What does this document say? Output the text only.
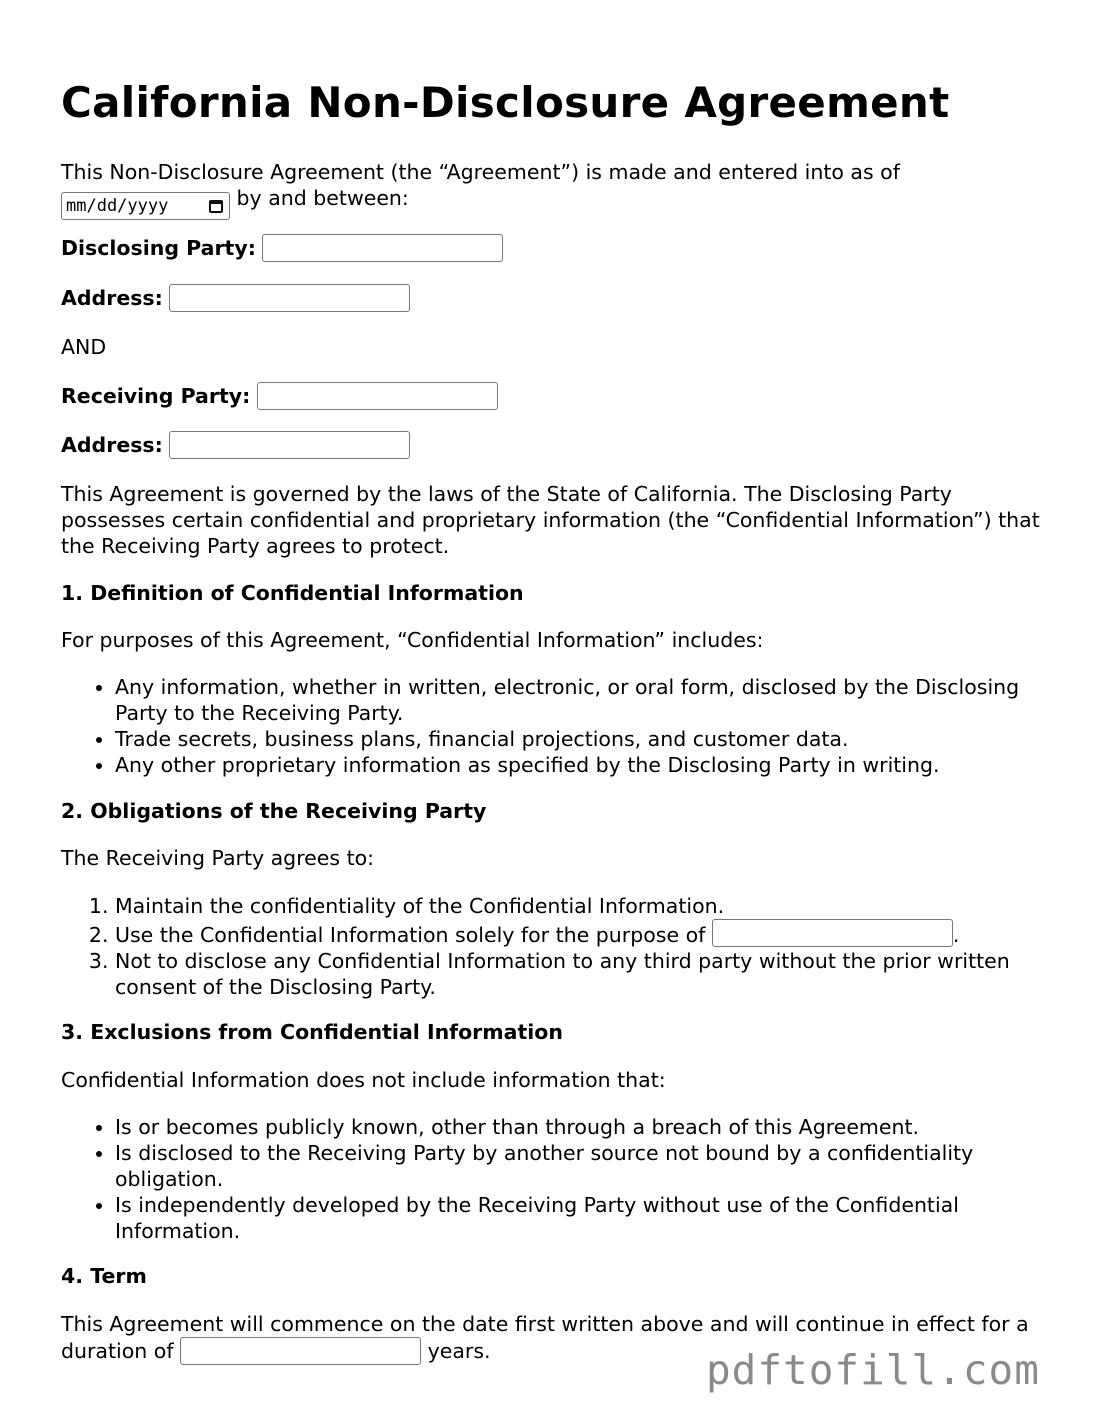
California Non-Disclosure Agreement

This Non-Disclosure Agreement (the “Agreement”) is made and entered into as of

mm/dd/yyyy	by and between:

Disclosing Party:

Address:

AND

Receiving Party:

Address:

This Agreement is governed by the laws of the State of California. The Disclosing Party possesses certain confidential and proprietary information (the “Confidential Information”) that the Receiving Party agrees to protect.

1. Definition of Confidential Information

For purposes of this Agreement, “Confidential Information” includes:

• Any information, whether in written, electronic, or oral form, disclosed by the Disclosing Party to the Receiving Party.
• Trade secrets, business plans, financial projections, and customer data.
• Any other proprietary information as specified by the Disclosing Party in writing.

2. Obligations of the Receiving Party

The Receiving Party agrees to:

1. Maintain the confidentiality of the Confidential Information.
2. Use the Confidential Information solely for the purpose of	.
3. Not to disclose any Confidential Information to any third party without the prior written consent of the Disclosing Party.

3. Exclusions from Confidential Information

Confidential Information does not include information that:

• Is or becomes publicly known, other than through a breach of this Agreement.
• Is disclosed to the Receiving Party by another source not bound by a confidentiality obligation.
• Is independently developed by the Receiving Party without use of the Confidential Information.

4. Term

This Agreement will commence on the date first written above and will continue in effect for a duration of	years.	pdftofill.com
